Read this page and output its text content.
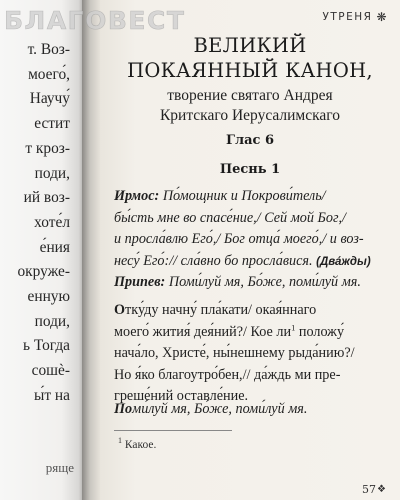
т. Воз-
моего́,
Научу́
естит
т кроз-
поди,
ий воз-
хоте́л
е́ния
окруже-
енную
поди,
ь Тогда
сошѐ-
ы́т на
ряще
УТРЕНЯ ❋
ВЕЛИКИЙ
ПОКАЯННЫЙ КАНОН,
творение святаго Андрея
Критскаго Иерусалимскаго
Глас 6
Песнь 1
Ирмос: По́мощник и Покрови́тель/
бы́сть мне во спасе́ние,/ Сей мой Бог,/
и просла́влю Его́,/ Бог отца́ моего́,/ и воз-
несу́ Его́:// сла́вно бо просла́вися. (Два́жды)
Припев: Поми́луй мя, Бо́же, поми́луй мя.
Отку́ду начну́ пла́кати/ окая́ннаго
моего́ жития́ дея́ний?/ Кое $ли^1$ положу́
нача́ло, Христе́, ны́нешнему рыда́нию?/
Но я́ко благоутро́бен,// да́ждь ми пре-
греше́ний оставле́ние.
Поми́луй мя, Бо́же, поми́луй мя.
$^1$ Какое.
57 ❖
БЛАГОВЕСТ
